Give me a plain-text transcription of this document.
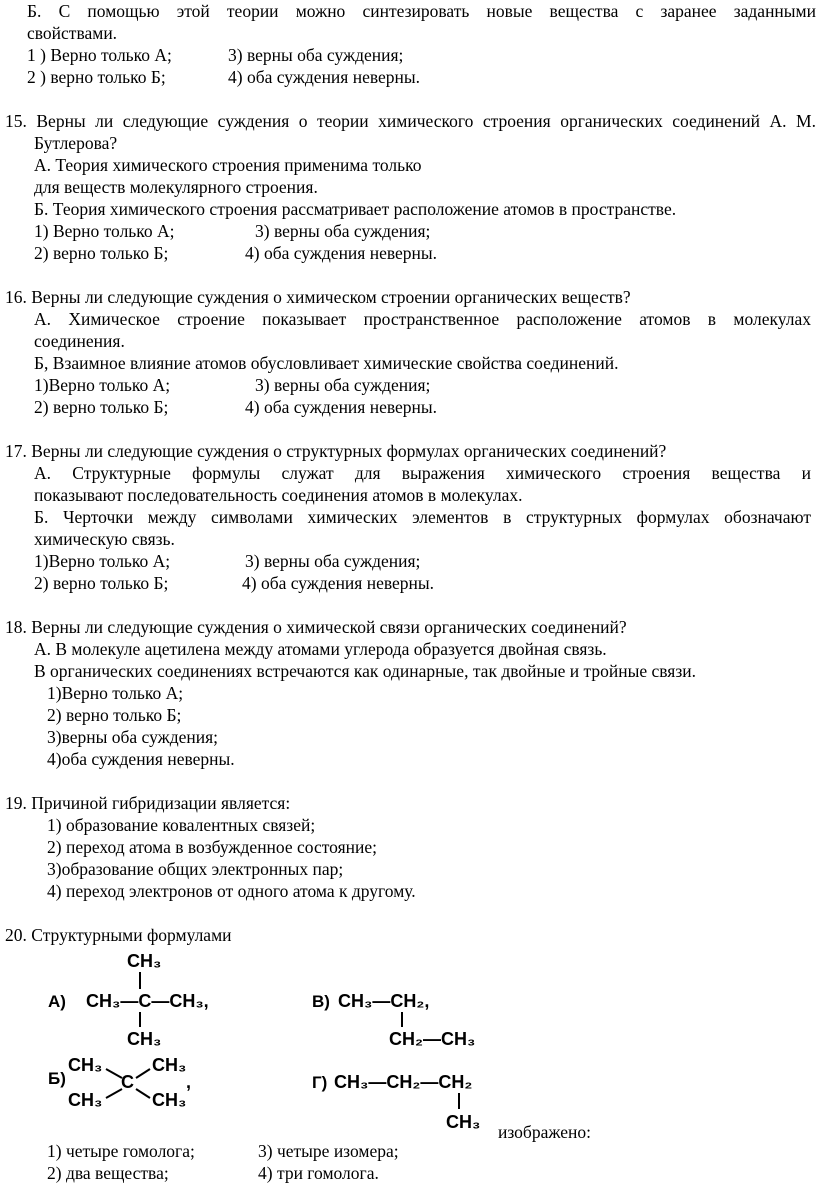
Б. С помощью этой теории можно синтезировать новые вещества с заранее заданными
свойствами.
1 ) Верно только А;	3) верны оба суждения;
2 ) верно только Б;	4) оба суждения неверны.
15. Верны ли следующие суждения о теории химического строения органических соединений А. М.
Бутлерова?
А. Теория химического строения применима только
для веществ молекулярного строения.
Б. Теория химического строения рассматривает расположение атомов в пространстве.
1) Верно только А;	3) верны оба суждения;
2) верно только Б;	4) оба суждения неверны.
16. Верны ли следующие суждения о химическом строении органических веществ?
А. Химическое строение показывает пространственное расположение атомов в молекулах
соединения.
Б, Взаимное влияние атомов обусловливает химические свойства соединений.
1)Верно только А;	3) верны оба суждения;
2) верно только Б;	4) оба суждения неверны.
17. Верны ли следующие суждения о структурных формулах органических соединений?
А. Структурные формулы служат для выражения химического строения вещества и
показывают последовательность соединения атомов в молекулах.
Б. Черточки между символами химических элементов в структурных формулах обозначают
химическую связь.
1)Верно только А;	3) верны оба суждения;
2) верно только Б;	4) оба суждения неверны.
18. Верны ли следующие суждения о химической связи органических соединений?
А. В молекуле ацетилена между атомами углерода образуется двойная связь.
В органических соединениях встречаются как одинарные, так двойные и тройные связи.
1)Верно только А;
2) верно только Б;
3)верны оба суждения;
4)оба суждения неверны.
19. Причиной гибридизации является:
1) образование ковалентных связей;
2) переход атома в возбужденное состояние;
3)образование общих электронных пар;
4) переход электронов от одного атома к другому.
20. Структурными формулами
А)
CH₃
CH₃—C—CH₃,
CH₃
Б)
CH₃	CH₃
C
CH₃	CH₃
,
В) CH₃—CH₂,
CH₂—CH₃
Г) CH₃—CH₂—CH₂
CH₃ изображено:
1) четыре гомолога;	3) четыре изомера;
2) два вещества;	4) три гомолога.
